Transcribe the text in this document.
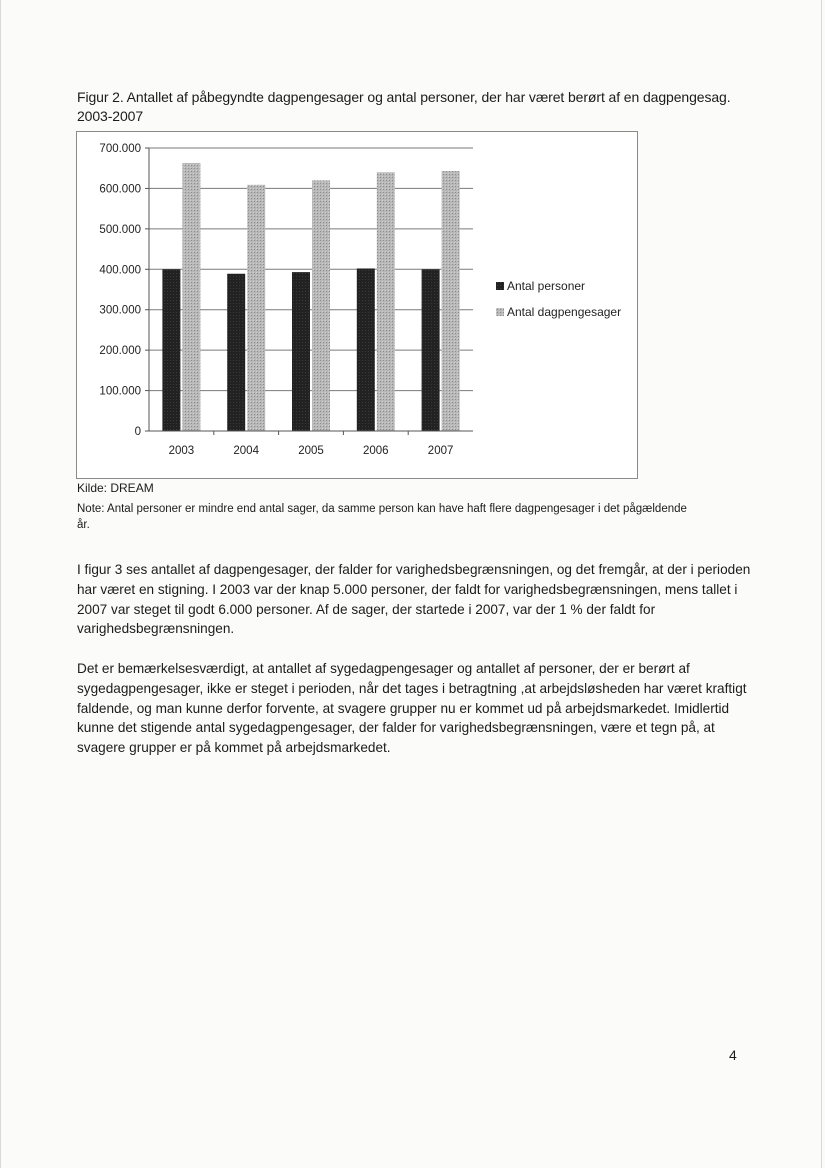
Figur 2. Antallet af påbegyndte dagpengesager og antal personer, der har været berørt af en dagpengesag. 2003-2007
0
100.000
200.000
300.000
400.000
500.000
600.000
700.000
2003	2004	2005	2006	2007
Antal personer
Antal dagpengesager
Kilde: DREAM
Note: Antal personer er mindre end antal sager, da samme person kan have haft flere dagpengesager i det pågældende år.
I figur 3 ses antallet af dagpengesager, der falder for varighedsbegrænsningen, og det fremgår, at der i perioden har været en stigning. I 2003 var der knap 5.000 personer, der faldt for varighedsbegrænsningen, mens tallet i 2007 var steget til godt 6.000 personer. Af de sager, der startede i 2007, var der 1 % der faldt for varighedsbegrænsningen.
Det er bemærkelsesværdigt, at antallet af sygedagpengesager og antallet af personer, der er berørt af sygedagpengesager, ikke er steget i perioden, når det tages i betragtning ,at arbejdsløsheden har været kraftigt faldende, og man kunne derfor forvente, at svagere grupper nu er kommet ud på arbejdsmarkedet. Imidlertid kunne det stigende antal sygedagpengesager, der falder for varighedsbegrænsningen, være et tegn på, at svagere grupper er på kommet på arbejdsmarkedet.
4
